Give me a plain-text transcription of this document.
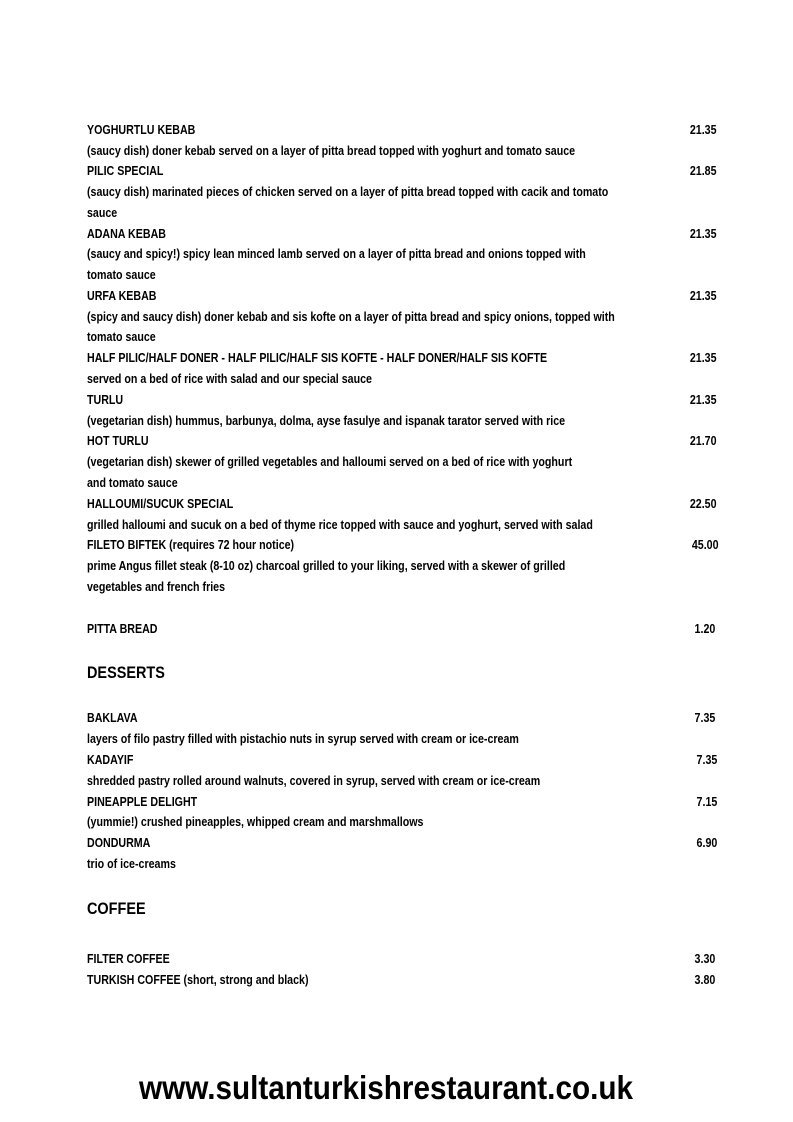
YOGHURTLU KEBAB	21.35
(saucy dish) doner kebab served on a layer of pitta bread topped with yoghurt and tomato sauce
PILIC SPECIAL	21.85
(saucy dish) marinated pieces of chicken served on a layer of pitta bread topped with cacik and tomato
sauce
ADANA KEBAB	21.35
(saucy and spicy!) spicy lean minced lamb served on a layer of pitta bread and onions topped with
tomato sauce
URFA KEBAB	21.35
(spicy and saucy dish) doner kebab and sis kofte on a layer of pitta bread and spicy onions, topped with
tomato sauce
HALF PILIC/HALF DONER - HALF PILIC/HALF SIS KOFTE - HALF DONER/HALF SIS KOFTE	21.35
served on a bed of rice with salad and our special sauce
TURLU	21.35
(vegetarian dish) hummus, barbunya, dolma, ayse fasulye and ispanak tarator served with rice
HOT TURLU	21.70
(vegetarian dish) skewer of grilled vegetables and halloumi served on a bed of rice with yoghurt
and tomato sauce
HALLOUMI/SUCUK SPECIAL	22.50
grilled halloumi and sucuk on a bed of thyme rice topped with sauce and yoghurt, served with salad
FILETO BIFTEK (requires 72 hour notice)	45.00
prime Angus fillet steak (8-10 oz) charcoal grilled to your liking, served with a skewer of grilled
vegetables and french fries
PITTA BREAD	1.20
DESSERTS
BAKLAVA	7.35
layers of filo pastry filled with pistachio nuts in syrup served with cream or ice-cream
KADAYIF	7.35
shredded pastry rolled around walnuts, covered in syrup, served with cream or ice-cream
PINEAPPLE DELIGHT	7.15
(yummie!) crushed pineapples, whipped cream and marshmallows
DONDURMA	6.90
trio of ice-creams
COFFEE
FILTER COFFEE	3.30
TURKISH COFFEE (short, strong and black)	3.80
www.sultanturkishrestaurant.co.uk
